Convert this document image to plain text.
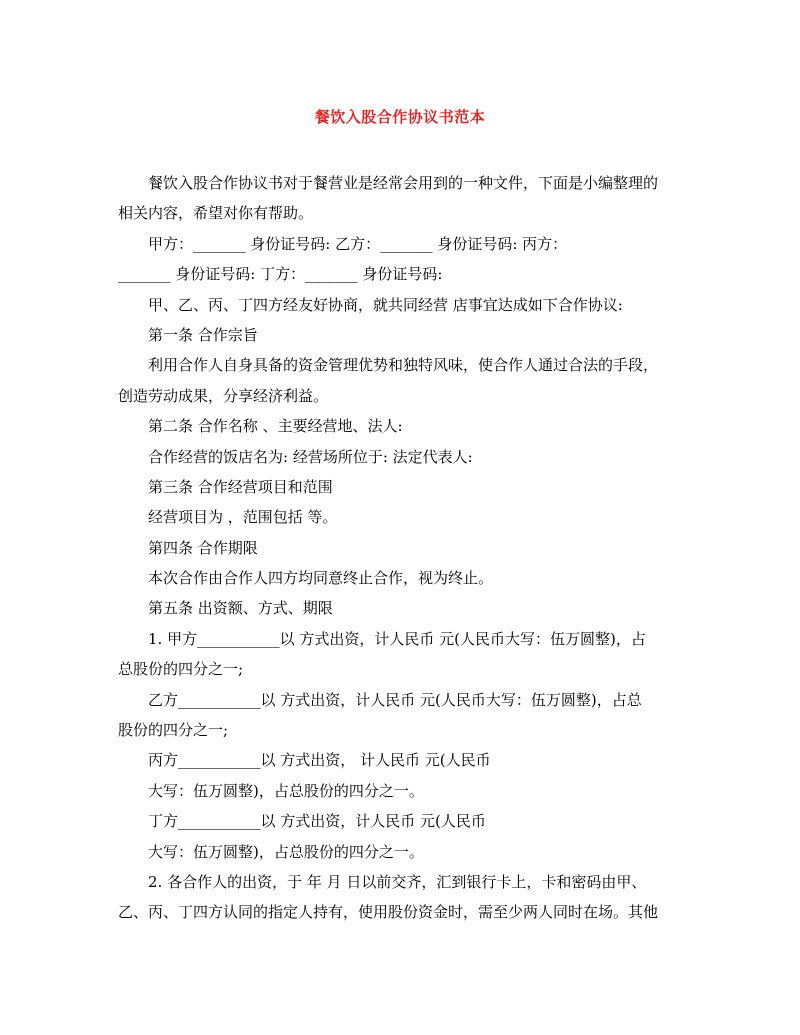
餐饮入股合作协议书范本
餐饮入股合作协议书对于餐营业是经常会用到的一种文件，下面是小编整理的
相关内容，希望对你有帮助。
甲方：_______ 身份证号码: 乙方：_______ 身份证号码: 丙方：
_______ 身份证号码: 丁方：_______ 身份证号码:
甲、乙、丙、丁四方经友好协商，就共同经营 店事宜达成如下合作协议:
第一条 合作宗旨
利用合作人自身具备的资金管理优势和独特风味，使合作人通过合法的手段，
创造劳动成果，分享经济利益。
第二条 合作名称 、主要经营地、法人:
合作经营的饭店名为: 经营场所位于: 法定代表人:
第三条 合作经营项目和范围
经营项目为 ，范围包括 等。
第四条 合作期限
本次合作由合作人四方均同意终止合作，视为终止。
第五条 出资额、方式、期限
1. 甲方___________以 方式出资，计人民币 元(人民币大写：伍万圆整)，占
总股份的四分之一;
乙方___________以 方式出资，计人民币 元(人民币大写：伍万圆整)，占总
股份的四分之一;
丙方___________以 方式出资， 计人民币 元(人民币
大写：伍万圆整)，占总股份的四分之一。
丁方___________以 方式出资，计人民币 元(人民币
大写：伍万圆整)，占总股份的四分之一。
2. 各合作人的出资，于 年 月 日以前交齐，汇到银行卡上，卡和密码由甲、
乙、丙、丁四方认同的指定人持有，使用股份资金时，需至少两人同时在场。其他
